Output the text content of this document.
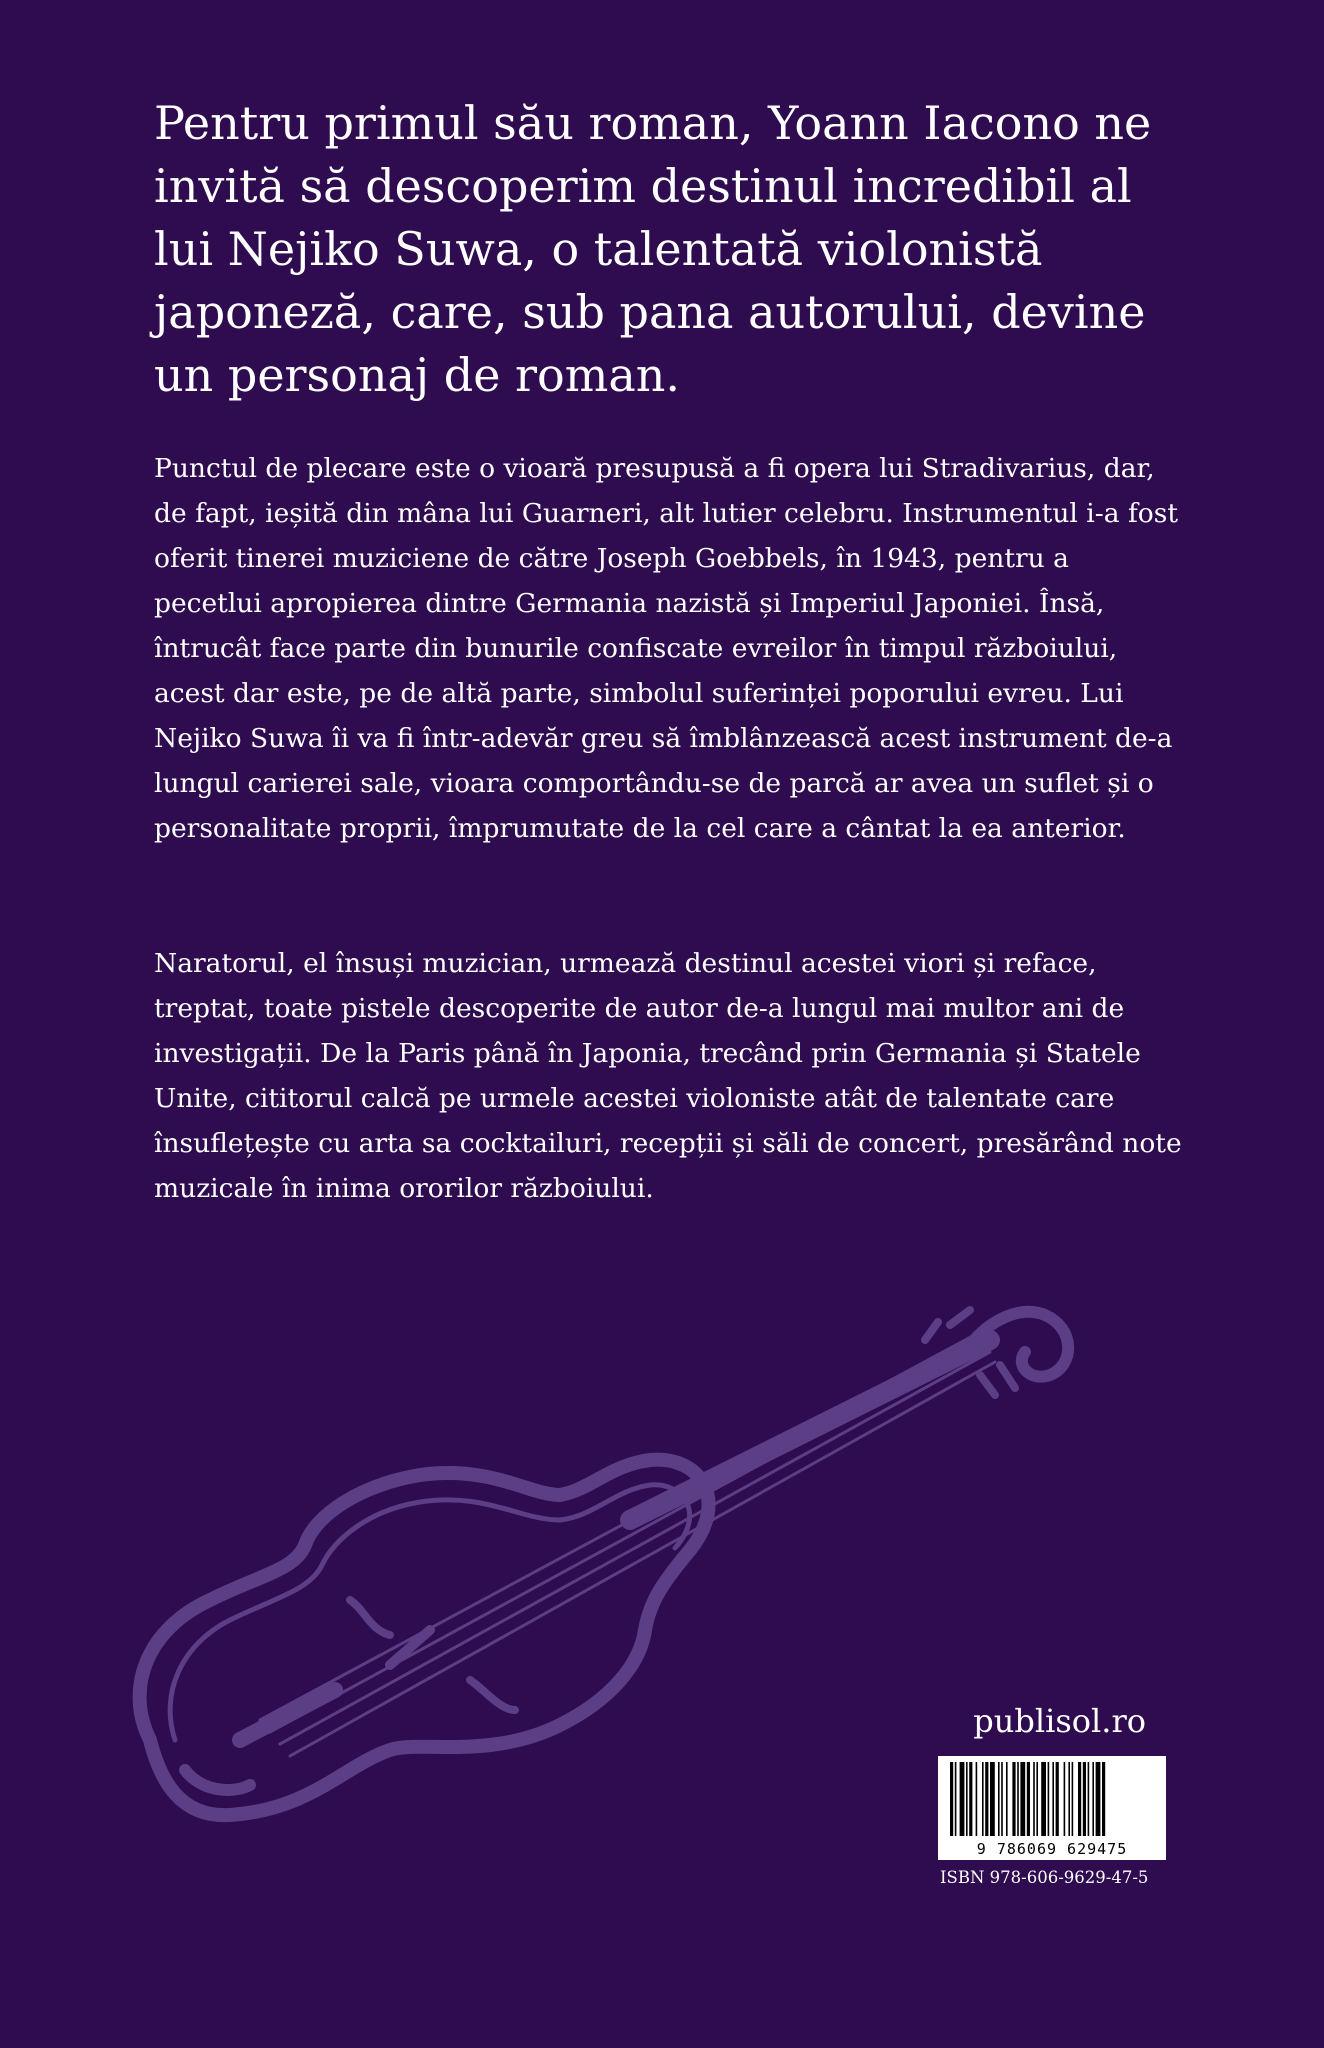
Pentru primul său roman, Yoann Iacono ne invită să descoperim destinul incredibil al lui Nejiko Suwa, o talentată violonistă japoneză, care, sub pana autorului, devine un personaj de roman.

Punctul de plecare este o vioară presupusă a fi opera lui Stradivarius, dar, de fapt, ieșită din mâna lui Guarneri, alt lutier celebru. Instrumentul i-a fost oferit tinerei muziciene de către Joseph Goebbels, în 1943, pentru a pecetlui apropierea dintre Germania nazistă și Imperiul Japoniei. Însă, întrucât face parte din bunurile confiscate evreilor în timpul războiului, acest dar este, pe de altă parte, simbolul suferinței poporului evreu. Lui Nejiko Suwa îi va fi într-adevăr greu să îmblânzească acest instrument de-a lungul carierei sale, vioara comportându-se de parcă ar avea un suflet și o personalitate proprii, împrumutate de la cel care a cântat la ea anterior.

Naratorul, el însuși muzician, urmează destinul acestei viori și reface, treptat, toate pistele descoperite de autor de-a lungul mai multor ani de investigații. De la Paris până în Japonia, trecând prin Germania și Statele Unite, cititorul calcă pe urmele acestei violoniste atât de talentate care însuflețește cu arta sa cocktailuri, recepții și săli de concert, presărând note muzicale în inima ororilor războiului.

publisol.ro
9 786069 629475
ISBN 978-606-9629-47-5
